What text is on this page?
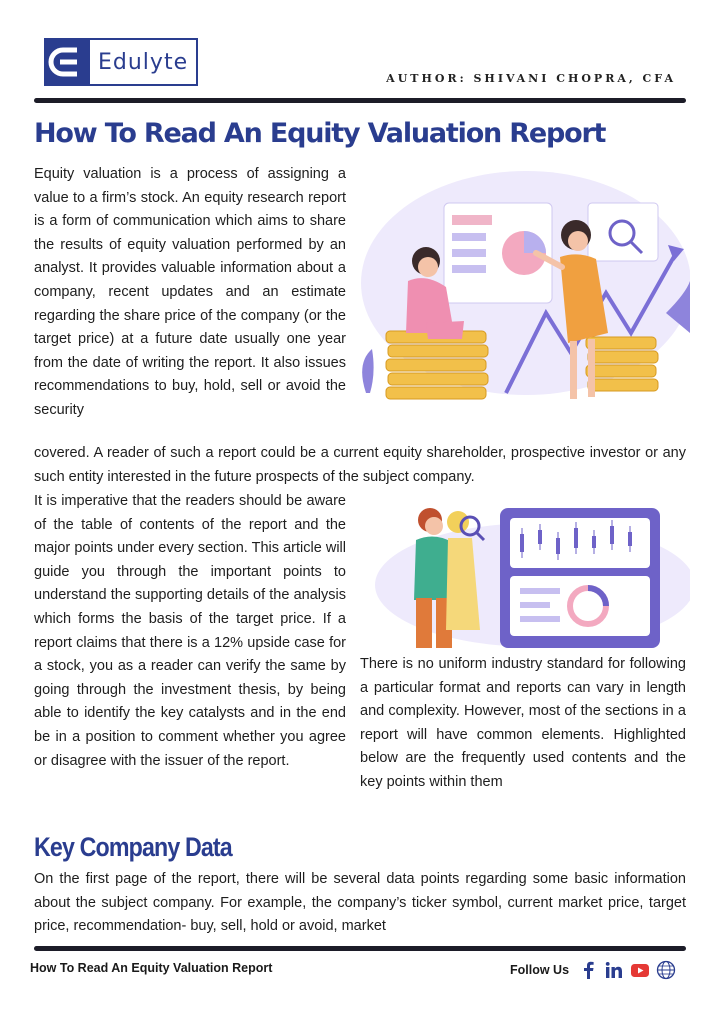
Edulyte
AUTHOR: SHIVANI CHOPRA, CFA
How To Read An Equity Valuation Report

Equity valuation is a process of assigning a value to a firm’s stock. An equity research report is a form of communication which aims to share the results of equity valuation performed by an analyst. It provides valuable information about a company, recent updates and an estimate regarding the share price of the company (or the target price) at a future date usually one year from the date of writing the report. It also issues recommendations to buy, hold, sell or avoid the security

covered. A reader of such a report could be a current equity shareholder, prospective investor or any such entity interested in the future prospects of the subject company.

It is imperative that the readers should be aware of the table of contents of the report and the major points under every section. This article will guide you through the important points to understand the supporting details of the analysis which forms the basis of the target price. If a report claims that there is a 12% upside case for a stock, you as a reader can verify the same by going through the investment thesis, by being able to identify the key catalysts and in the end be in a position to comment whether you agree or disagree with the issuer of the report.

There is no uniform industry standard for following a particular format and reports can vary in length and complexity. However, most of the sections in a report will have common elements. Highlighted below are the frequently used contents and the key points within them

Key Company Data

On the first page of the report, there will be several data points regarding some basic information about the subject company. For example, the company’s ticker symbol, current market price, target price, recommendation- buy, sell, hold or avoid, market

How To Read An Equity Valuation Report	Follow Us
